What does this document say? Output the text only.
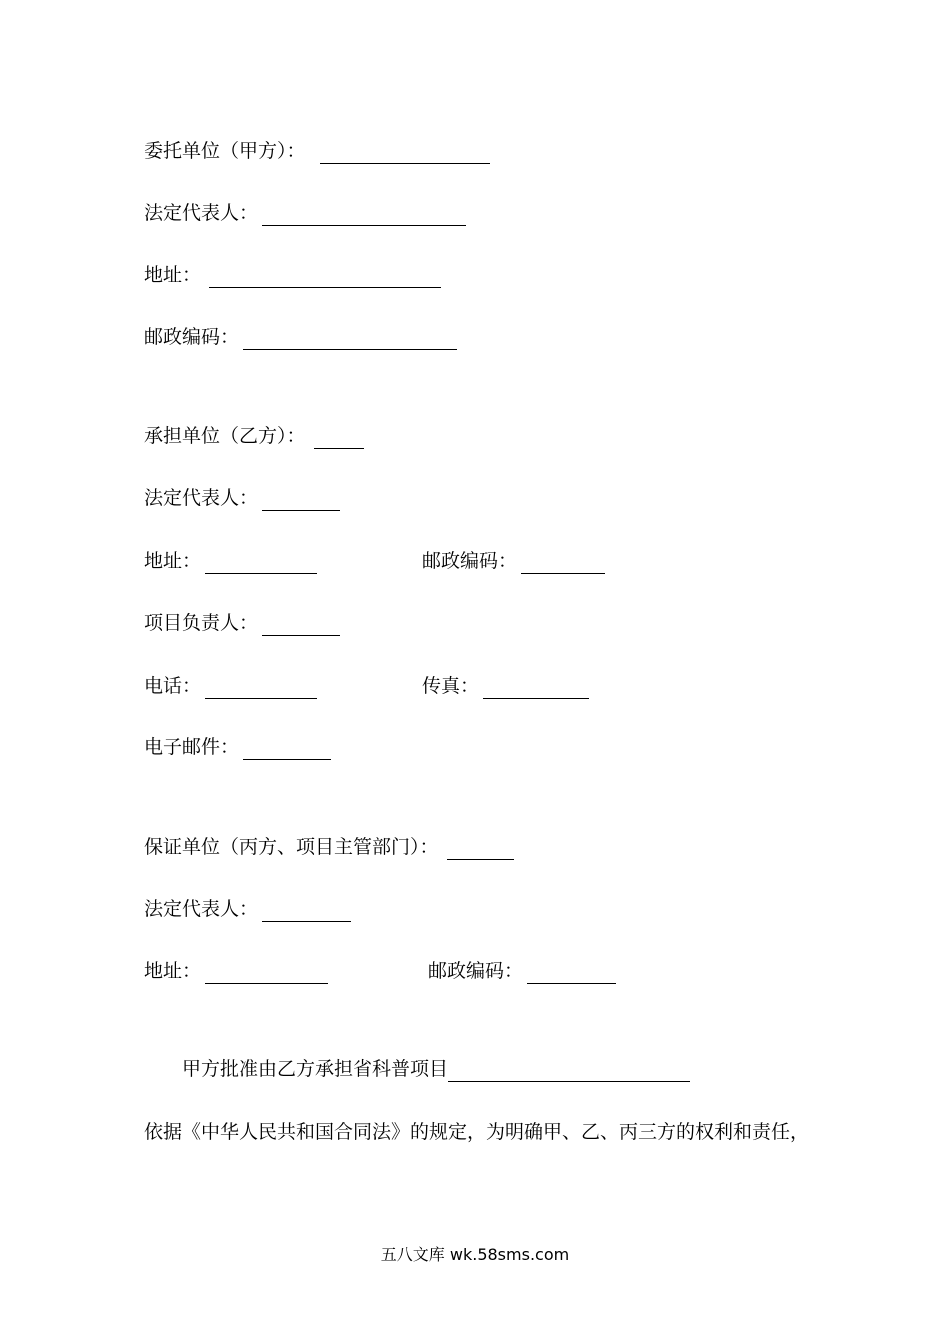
委托单位（甲方）：
法定代表人：
地址：
邮政编码：
承担单位（乙方）：
法定代表人：
地址：	邮政编码：
项目负责人：
电话：	传真：
电子邮件：
保证单位（丙方、项目主管部门）：
法定代表人：
地址：	邮政编码：
甲方批准由乙方承担省科普项目
依据《中华人民共和国合同法》的规定，为明确甲、乙、丙三方的权利和责任，
五八文库 wk.58sms.com
